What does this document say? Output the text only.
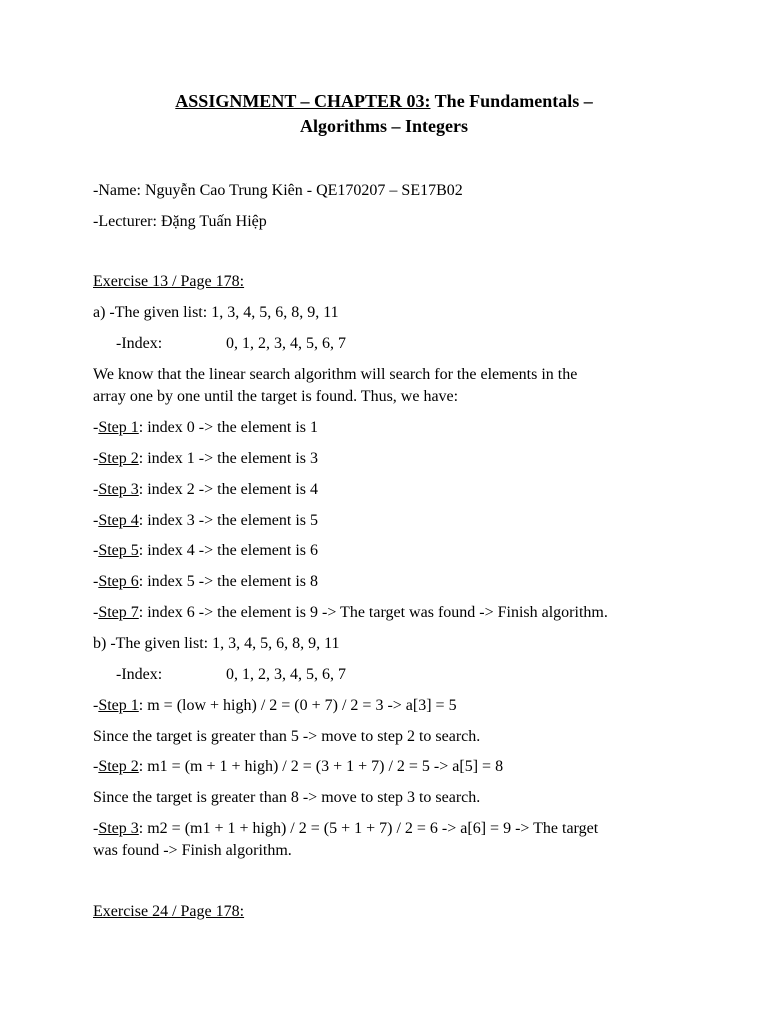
ASSIGNMENT – CHAPTER 03: The Fundamentals –
Algorithms – Integers
-Name: Nguyễn Cao Trung Kiên - QE170207 – SE17B02
-Lecturer: Đặng Tuấn Hiệp
Exercise 13 / Page 178:
a) -The given list: 1, 3, 4, 5, 6, 8, 9, 11
-Index:	0, 1, 2, 3, 4, 5, 6, 7
We know that the linear search algorithm will search for the elements in the
array one by one until the target is found. Thus, we have:
-Step 1: index 0 -> the element is 1
-Step 2: index 1 -> the element is 3
-Step 3: index 2 -> the element is 4
-Step 4: index 3 -> the element is 5
-Step 5: index 4 -> the element is 6
-Step 6: index 5 -> the element is 8
-Step 7: index 6 -> the element is 9 -> The target was found -> Finish algorithm.
b) -The given list: 1, 3, 4, 5, 6, 8, 9, 11
-Index:	0, 1, 2, 3, 4, 5, 6, 7
-Step 1: m = (low + high) / 2 = (0 + 7) / 2 = 3 -> a[3] = 5
Since the target is greater than 5 -> move to step 2 to search.
-Step 2: m1 = (m + 1 + high) / 2 = (3 + 1 + 7) / 2 = 5 -> a[5] = 8
Since the target is greater than 8 -> move to step 3 to search.
-Step 3: m2 = (m1 + 1 + high) / 2 = (5 + 1 + 7) / 2 = 6 -> a[6] = 9 -> The target
was found -> Finish algorithm.
Exercise 24 / Page 178:
